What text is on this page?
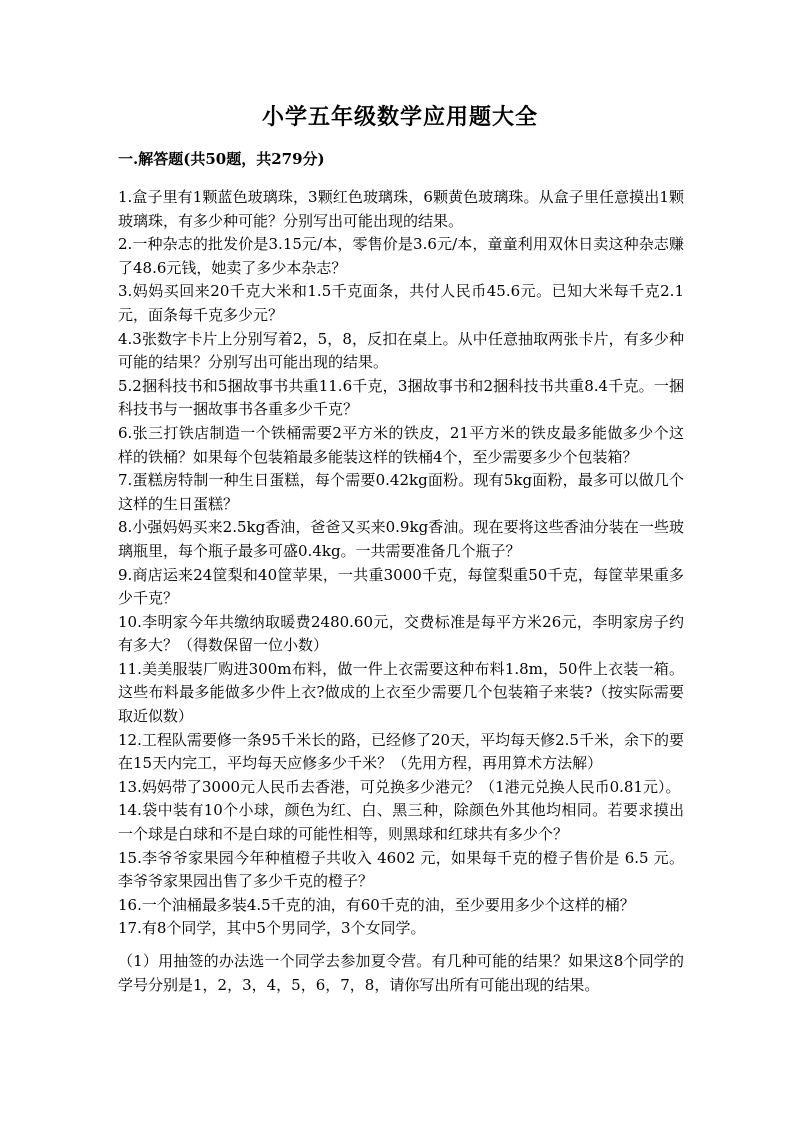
小学五年级数学应用题大全
一.解答题(共50题，共279分)

1.盒子里有1颗蓝色玻璃珠，3颗红色玻璃珠，6颗黄色玻璃珠。从盒子里任意摸出1颗玻璃珠，有多少种可能？分别写出可能出现的结果。

2.一种杂志的批发价是3.15元/本，零售价是3.6元/本，童童利用双休日卖这种杂志赚了48.6元钱，她卖了多少本杂志？

3.妈妈买回来20千克大米和1.5千克面条，共付人民币45.6元。已知大米每千克2.1元，面条每千克多少元？

4.3张数字卡片上分别写着2，5，8，反扣在桌上。从中任意抽取两张卡片，有多少种可能的结果？分别写出可能出现的结果。

5.2捆科技书和5捆故事书共重11.6千克，3捆故事书和2捆科技书共重8.4千克。一捆科技书与一捆故事书各重多少千克？

6.张三打铁店制造一个铁桶需要2平方米的铁皮，21平方米的铁皮最多能做多少个这样的铁桶？如果每个包装箱最多能装这样的铁桶4个，至少需要多少个包装箱？

7.蛋糕房特制一种生日蛋糕，每个需要0.42kg面粉。现有5kg面粉，最多可以做几个这样的生日蛋糕？

8.小强妈妈买来2.5kg香油，爸爸又买来0.9kg香油。现在要将这些香油分装在一些玻璃瓶里，每个瓶子最多可盛0.4kg。一共需要准备几个瓶子？

9.商店运来24筐梨和40筐苹果，一共重3000千克，每筐梨重50千克，每筐苹果重多少千克？

10.李明家今年共缴纳取暖费2480.60元，交费标准是每平方米26元，李明家房子约有多大？（得数保留一位小数）

11.美美服装厂购进300m布料，做一件上衣需要这种布料1.8m，50件上衣装一箱。这些布料最多能做多少件上衣?做成的上衣至少需要几个包装箱子来装?（按实际需要取近似数）

12.工程队需要修一条95千米长的路，已经修了20天，平均每天修2.5千米，余下的要在15天内完工，平均每天应修多少千米？（先用方程，再用算术方法解）

13.妈妈带了3000元人民币去香港，可兑换多少港元？（1港元兑换人民币0.81元）。

14.袋中装有10个小球，颜色为红、白、黑三种，除颜色外其他均相同。若要求摸出一个球是白球和不是白球的可能性相等，则黑球和红球共有多少个？

15.李爷爷家果园今年种植橙子共收入 4602 元，如果每千克的橙子售价是 6.5 元。李爷爷家果园出售了多少千克的橙子？

16.一个油桶最多装4.5千克的油，有60千克的油，至少要用多少个这样的桶？

17.有8个同学，其中5个男同学，3个女同学。

（1）用抽签的办法选一个同学去参加夏令营。有几种可能的结果？如果这8个同学的学号分别是1，2，3，4，5，6，7，8，请你写出所有可能出现的结果。
